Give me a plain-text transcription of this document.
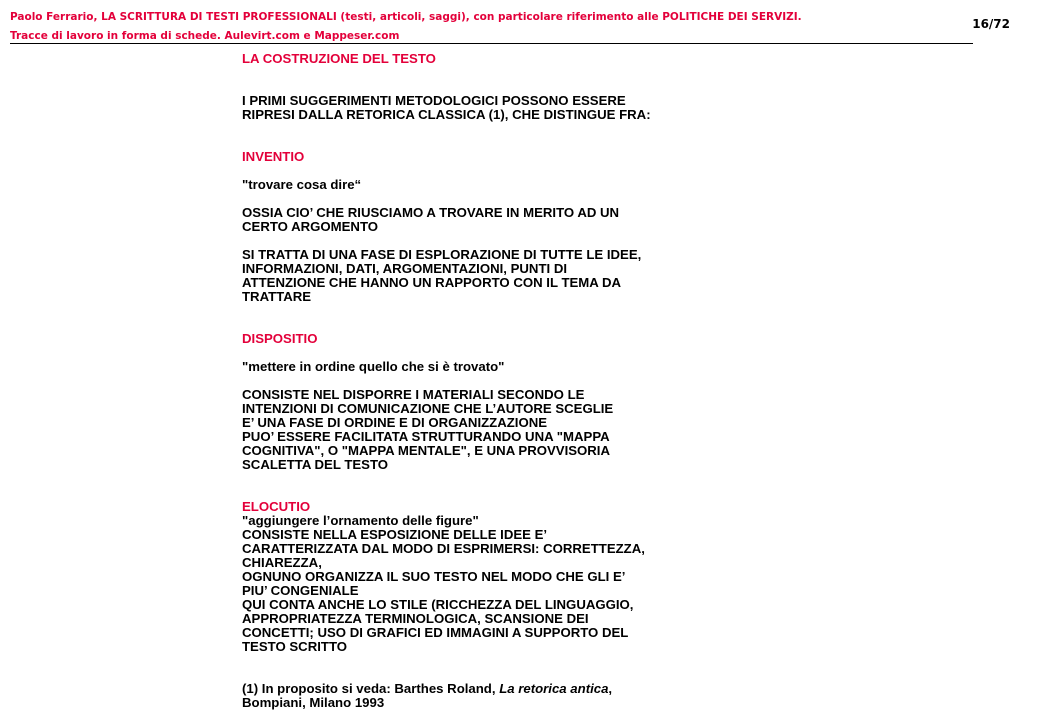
Paolo Ferrario, LA SCRITTURA DI TESTI PROFESSIONALI (testi, articoli, saggi), con particolare riferimento alle POLITICHE DEI SERVIZI.
Tracce di lavoro in forma di schede. Aulevirt.com e Mappeser.com
16/72

LA COSTRUZIONE DEL TESTO

I PRIMI SUGGERIMENTI METODOLOGICI POSSONO ESSERE

RIPRESI DALLA RETORICA CLASSICA (1), CHE DISTINGUE FRA:

INVENTIO

"trovare cosa dire“

OSSIA CIO’ CHE RIUSCIAMO A TROVARE IN MERITO AD UN

CERTO ARGOMENTO

SI TRATTA DI UNA FASE DI ESPLORAZIONE DI TUTTE LE IDEE,

INFORMAZIONI, DATI, ARGOMENTAZIONI, PUNTI DI

ATTENZIONE CHE HANNO UN RAPPORTO CON IL TEMA DA

TRATTARE

DISPOSITIO

"mettere in ordine quello che si è trovato"

CONSISTE NEL DISPORRE I MATERIALI SECONDO LE

INTENZIONI DI COMUNICAZIONE CHE L’AUTORE SCEGLIE

E’ UNA FASE DI ORDINE E DI ORGANIZZAZIONE

PUO’ ESSERE FACILITATA STRUTTURANDO UNA "MAPPA

COGNITIVA", O "MAPPA MENTALE", E UNA PROVVISORIA

SCALETTA DEL TESTO

ELOCUTIO

"aggiungere l’ornamento delle figure"

CONSISTE NELLA ESPOSIZIONE DELLE IDEE E’

CARATTERIZZATA DAL MODO DI ESPRIMERSI: CORRETTEZZA,

CHIAREZZA,

OGNUNO ORGANIZZA IL SUO TESTO NEL MODO CHE GLI E’

PIU’ CONGENIALE

QUI CONTA ANCHE LO STILE (RICCHEZZA DEL LINGUAGGIO,

APPROPRIATEZZA TERMINOLOGICA, SCANSIONE DEI

CONCETTI; USO DI GRAFICI ED IMMAGINI A SUPPORTO DEL

TESTO SCRITTO

(1) In proposito si veda: Barthes Roland, La retorica antica,

Bompiani, Milano 1993
